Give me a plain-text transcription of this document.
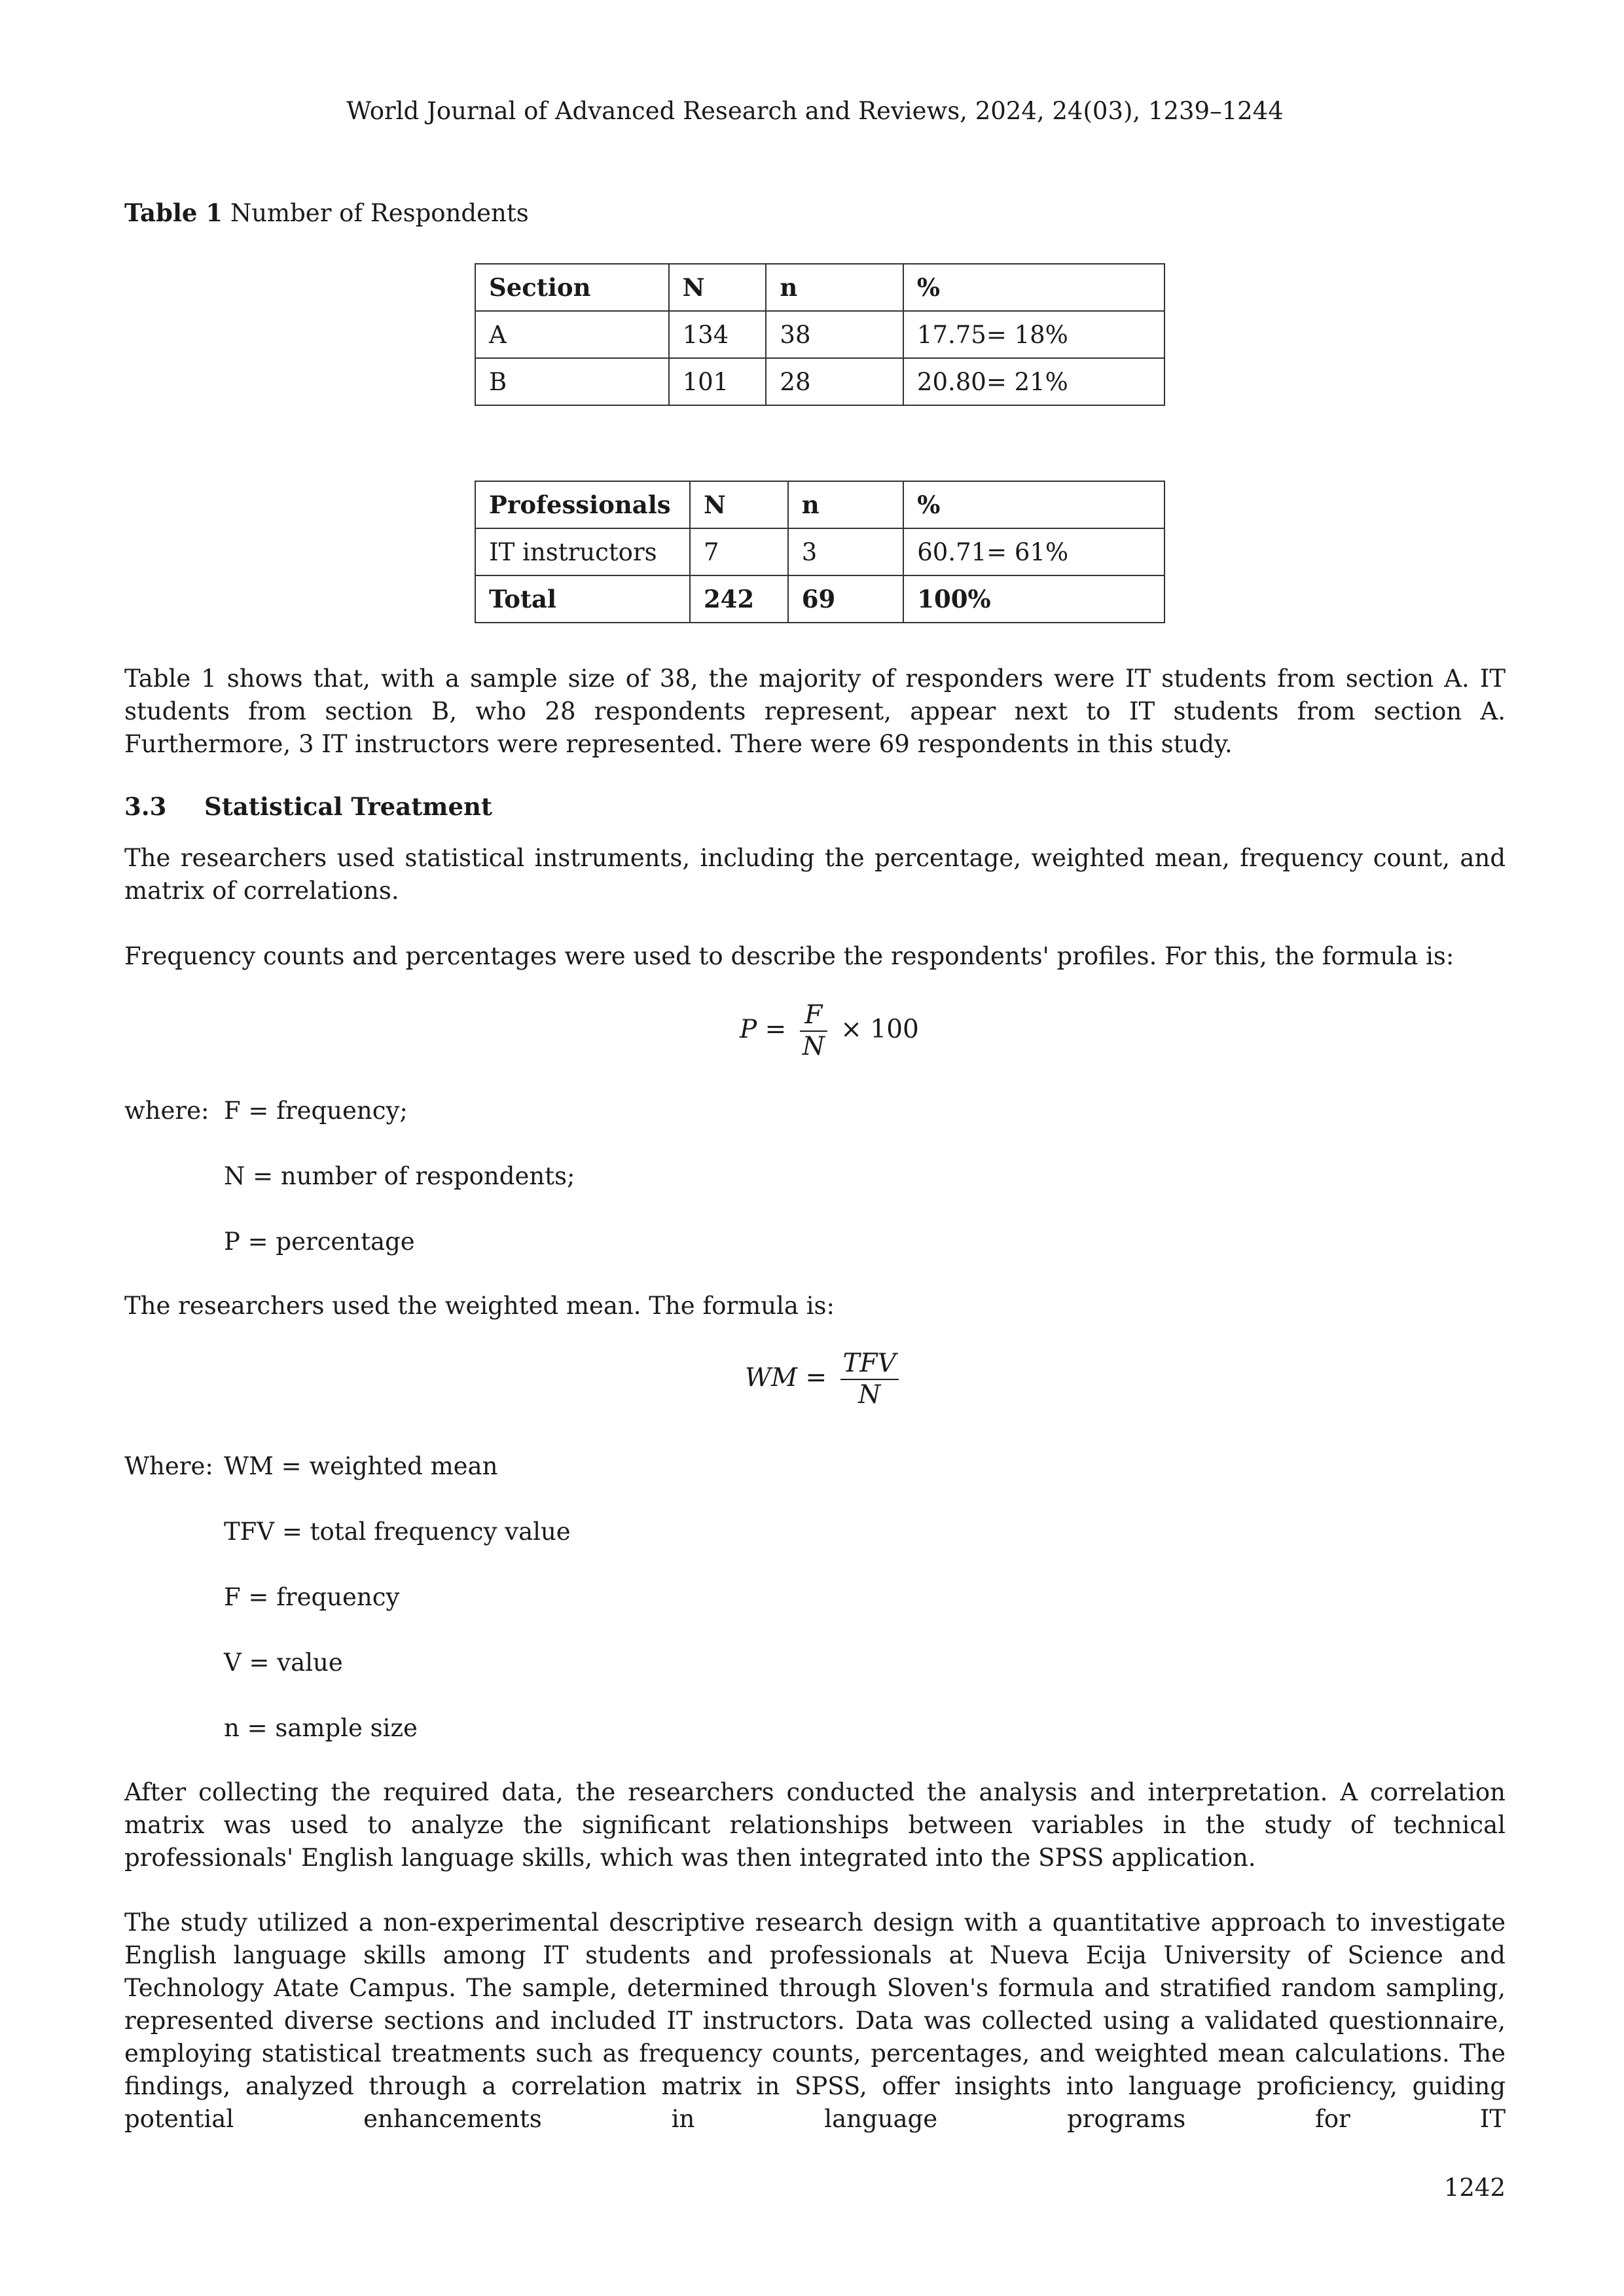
World Journal of Advanced Research and Reviews, 2024, 24(03), 1239–1244
Table 1 Number of Respondents
Section	N	n	%
A	134	38	17.75= 18%
B	101	28	20.80= 21%
Professionals	N	n	%
IT instructors	7	3	60.71= 61%
Total	242	69	100%

Table 1 shows that, with a sample size of 38, the majority of responders were IT students from section A. IT students from section B, who 28 respondents represent, appear next to IT students from section A. Furthermore, 3 IT instructors were represented. There were 69 respondents in this study.

3.3 Statistical Treatment

The researchers used statistical instruments, including the percentage, weighted mean, frequency count, and matrix of correlations.

Frequency counts and percentages were used to describe the respondents' profiles. For this, the formula is:

$P = \frac{F}{N} \times 100$
where: F = frequency;
N = number of respondents;
P = percentage

The researchers used the weighted mean. The formula is:

WM = $\frac{\text{TFV}}{N}$
Where: WM = weighted mean
TFV = total frequency value
F = frequency
V = value
n = sample size

After collecting the required data, the researchers conducted the analysis and interpretation. A correlation matrix was used to analyze the significant relationships between variables in the study of technical professionals' English language skills, which was then integrated into the SPSS application.

The study utilized a non-experimental descriptive research design with a quantitative approach to investigate English language skills among IT students and professionals at Nueva Ecija University of Science and Technology Atate Campus. The sample, determined through Sloven's formula and stratified random sampling, represented diverse sections and included IT instructors. Data was collected using a validated questionnaire, employing statistical treatments such as frequency counts, percentages, and weighted mean calculations. The findings, analyzed through a correlation matrix in SPSS, offer insights into language proficiency, guiding potential enhancements in language programs for IT

1242
